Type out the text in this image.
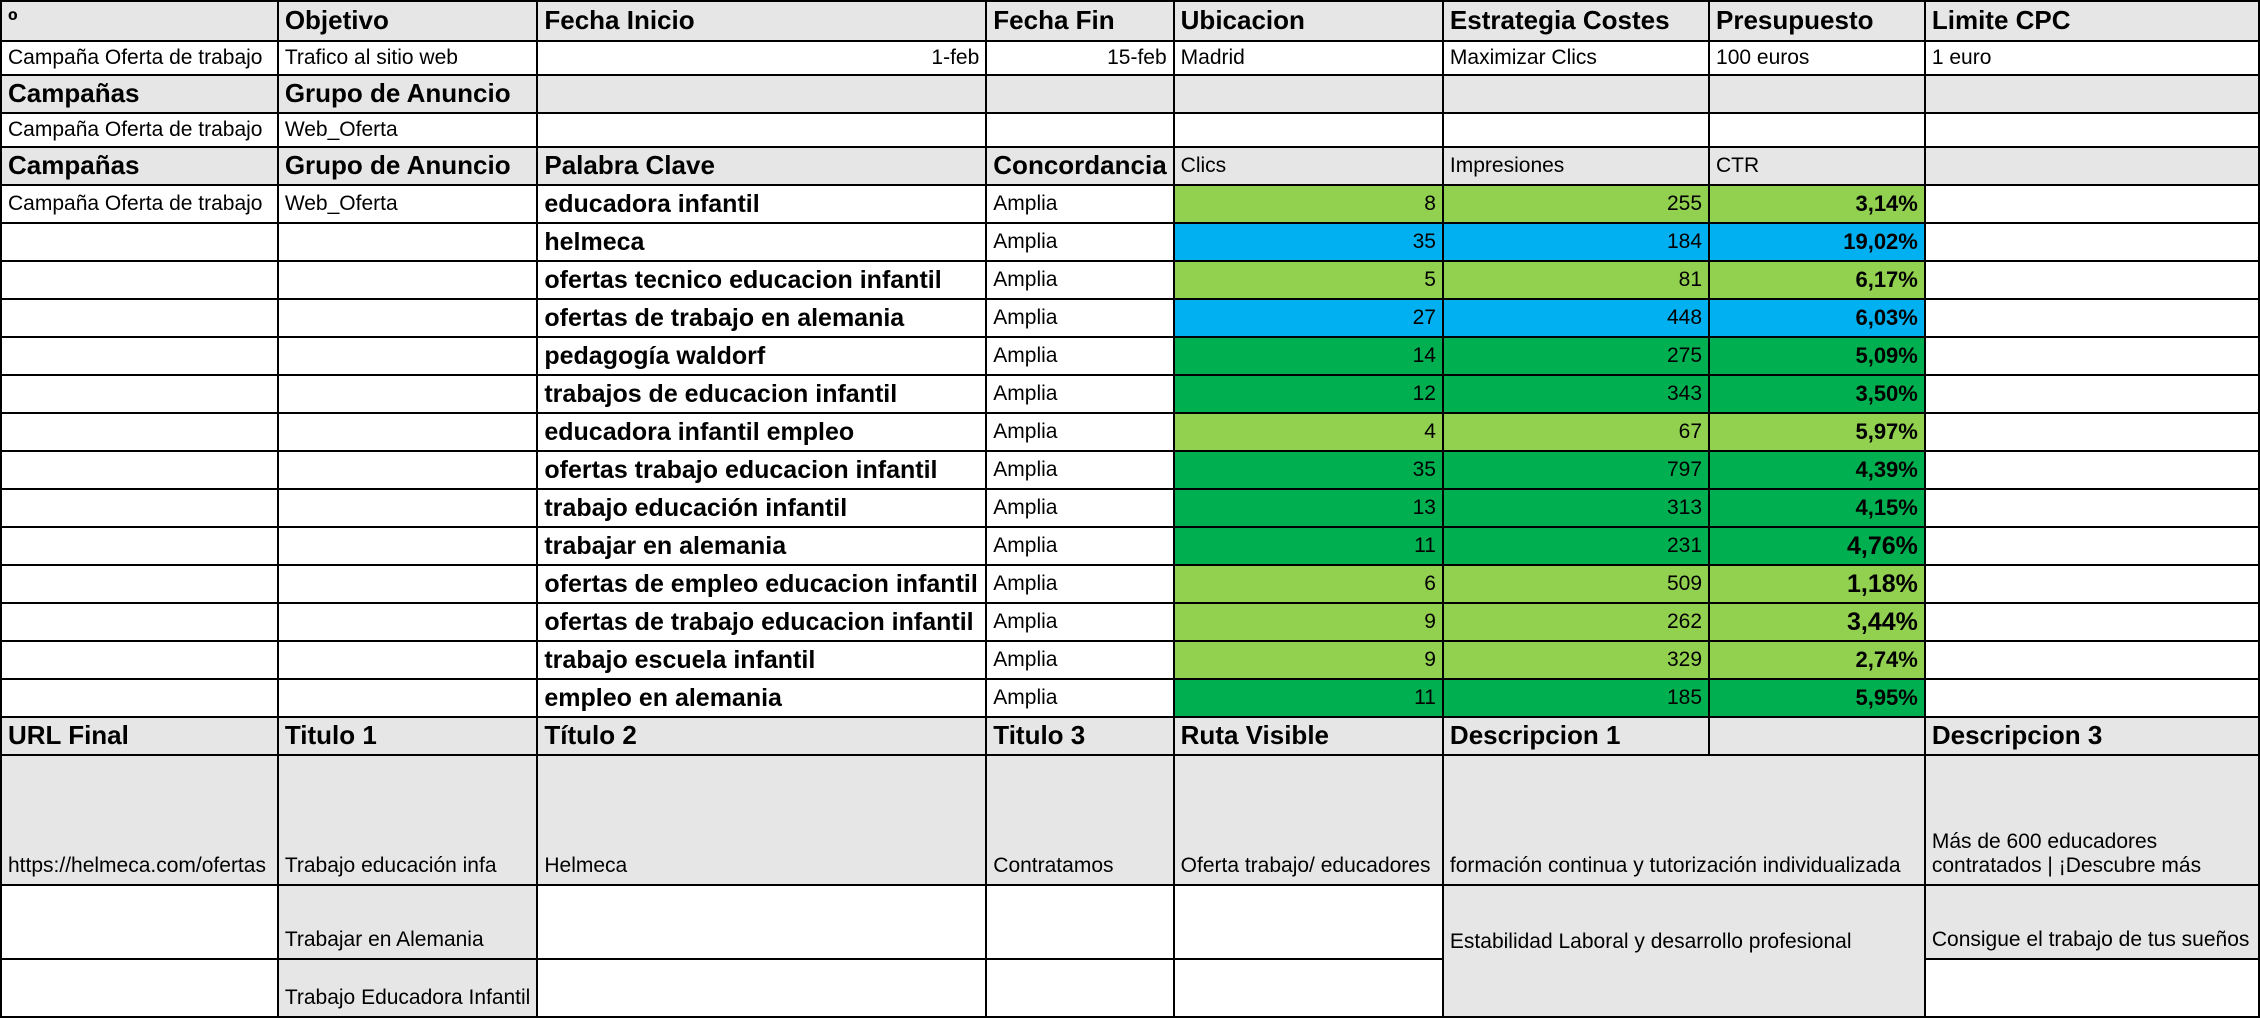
º	Objetivo	Fecha Inicio	Fecha Fin	Ubicacion	Estrategia Costes	Presupuesto	Limite CPC
Campaña Oferta de trabajo	Trafico al sitio web	1-feb	15-feb	Madrid	Maximizar Clics	100 euros	1 euro
Campañas	Grupo de Anuncio						
Campaña Oferta de trabajo	Web_Oferta						
Campañas	Grupo de Anuncio	Palabra Clave	Concordancia	Clics	Impresiones	CTR	
Campaña Oferta de trabajo	Web_Oferta	educadora infantil	Amplia	8	255	3,14%	
		helmeca	Amplia	35	184	19,02%	
		ofertas tecnico educacion infantil	Amplia	5	81	6,17%	
		ofertas de trabajo en alemania	Amplia	27	448	6,03%	
		pedagogía waldorf	Amplia	14	275	5,09%	
		trabajos de educacion infantil	Amplia	12	343	3,50%	
		educadora infantil empleo	Amplia	4	67	5,97%	
		ofertas trabajo educacion infantil	Amplia	35	797	4,39%	
		trabajo educación infantil	Amplia	13	313	4,15%	
		trabajar en alemania	Amplia	11	231	4,76%	
		ofertas de empleo educacion infantil	Amplia	6	509	1,18%	
		ofertas de trabajo educacion infantil	Amplia	9	262	3,44%	
		trabajo escuela infantil	Amplia	9	329	2,74%	
		empleo en alemania	Amplia	11	185	5,95%	
URL Final	Titulo 1	Título 2	Titulo 3	Ruta Visible	Descripcion 1		Descripcion 3
https://helmeca.com/ofertas	Trabajo educación infa	Helmeca	Contratamos	Oferta trabajo/ educadores	formación continua y tutorización individualizada		Más de 600 educadores contratados | ¡Descubre más
	Trabajar en Alemania				Estabilidad Laboral y desarrollo profesional		Consigue el trabajo de tus sueños
	Trabajo Educadora Infantil						
